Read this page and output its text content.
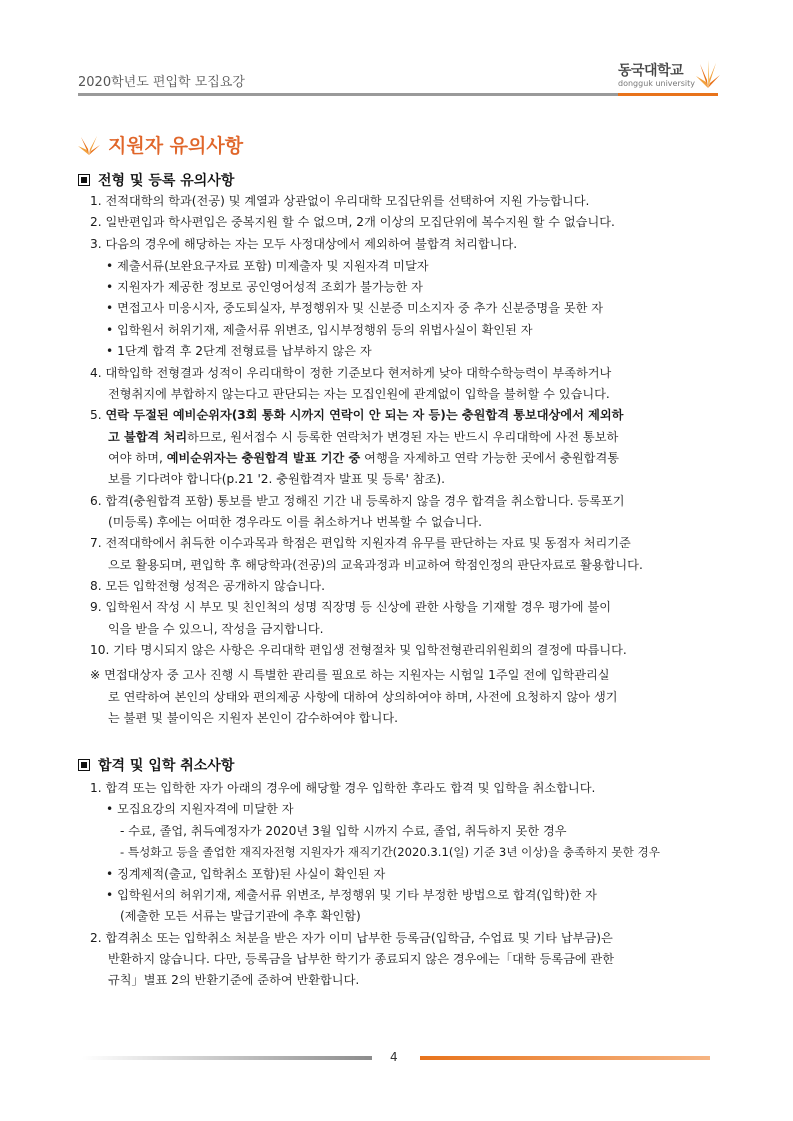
2020학년도 편입학 모집요강
동국대학교
dongguk university
지원자 유의사항
전형 및 등록 유의사항
1. 전적대학의 학과(전공) 및 계열과 상관없이 우리대학 모집단위를 선택하여 지원 가능합니다.
2. 일반편입과 학사편입은 중복지원 할 수 없으며, 2개 이상의 모집단위에 복수지원 할 수 없습니다.
3. 다음의 경우에 해당하는 자는 모두 사정대상에서 제외하여 불합격 처리합니다.
• 제출서류(보완요구자료 포함) 미제출자 및 지원자격 미달자
• 지원자가 제공한 정보로 공인영어성적 조회가 불가능한 자
• 면접고사 미응시자, 중도퇴실자, 부정행위자 및 신분증 미소지자 중 추가 신분증명을 못한 자
• 입학원서 허위기재, 제출서류 위변조, 입시부정행위 등의 위법사실이 확인된 자
• 1단계 합격 후 2단계 전형료를 납부하지 않은 자
4. 대학입학 전형결과 성적이 우리대학이 정한 기준보다 현저하게 낮아 대학수학능력이 부족하거나
전형취지에 부합하지 않는다고 판단되는 자는 모집인원에 관계없이 입학을 불허할 수 있습니다.
5. 연락 두절된 예비순위자(3회 통화 시까지 연락이 안 되는 자 등)는 충원합격 통보대상에서 제외하
고 불합격 처리하므로, 원서접수 시 등록한 연락처가 변경된 자는 반드시 우리대학에 사전 통보하
여야 하며, 예비순위자는 충원합격 발표 기간 중 여행을 자제하고 연락 가능한 곳에서 충원합격통
보를 기다려야 합니다(p.21 '2. 충원합격자 발표 및 등록' 참조).
6. 합격(충원합격 포함) 통보를 받고 정해진 기간 내 등록하지 않을 경우 합격을 취소합니다. 등록포기
(미등록) 후에는 어떠한 경우라도 이를 취소하거나 번복할 수 없습니다.
7. 전적대학에서 취득한 이수과목과 학점은 편입학 지원자격 유무를 판단하는 자료 및 동점자 처리기준
으로 활용되며, 편입학 후 해당학과(전공)의 교육과정과 비교하여 학점인정의 판단자료로 활용합니다.
8. 모든 입학전형 성적은 공개하지 않습니다.
9. 입학원서 작성 시 부모 및 친인척의 성명 직장명 등 신상에 관한 사항을 기재할 경우 평가에 불이
익을 받을 수 있으니, 작성을 금지합니다.
10. 기타 명시되지 않은 사항은 우리대학 편입생 전형절차 및 입학전형관리위원회의 결정에 따릅니다.
※ 면접대상자 중 고사 진행 시 특별한 관리를 필요로 하는 지원자는 시험일 1주일 전에 입학관리실
로 연락하여 본인의 상태와 편의제공 사항에 대하여 상의하여야 하며, 사전에 요청하지 않아 생기
는 불편 및 불이익은 지원자 본인이 감수하여야 합니다.
합격 및 입학 취소사항
1. 합격 또는 입학한 자가 아래의 경우에 해당할 경우 입학한 후라도 합격 및 입학을 취소합니다.
• 모집요강의 지원자격에 미달한 자
- 수료, 졸업, 취득예정자가 2020년 3월 입학 시까지 수료, 졸업, 취득하지 못한 경우
- 특성화고 등을 졸업한 재직자전형 지원자가 재직기간(2020.3.1(일) 기준 3년 이상)을 충족하지 못한 경우
• 징계제적(출교, 입학취소 포함)된 사실이 확인된 자
• 입학원서의 허위기재, 제출서류 위변조, 부정행위 및 기타 부정한 방법으로 합격(입학)한 자
(제출한 모든 서류는 발급기관에 추후 확인함)
2. 합격취소 또는 입학취소 처분을 받은 자가 이미 납부한 등록금(입학금, 수업료 및 기타 납부금)은
반환하지 않습니다. 다만, 등록금을 납부한 학기가 종료되지 않은 경우에는「대학 등록금에 관한
규칙」별표 2의 반환기준에 준하여 반환합니다.
4
